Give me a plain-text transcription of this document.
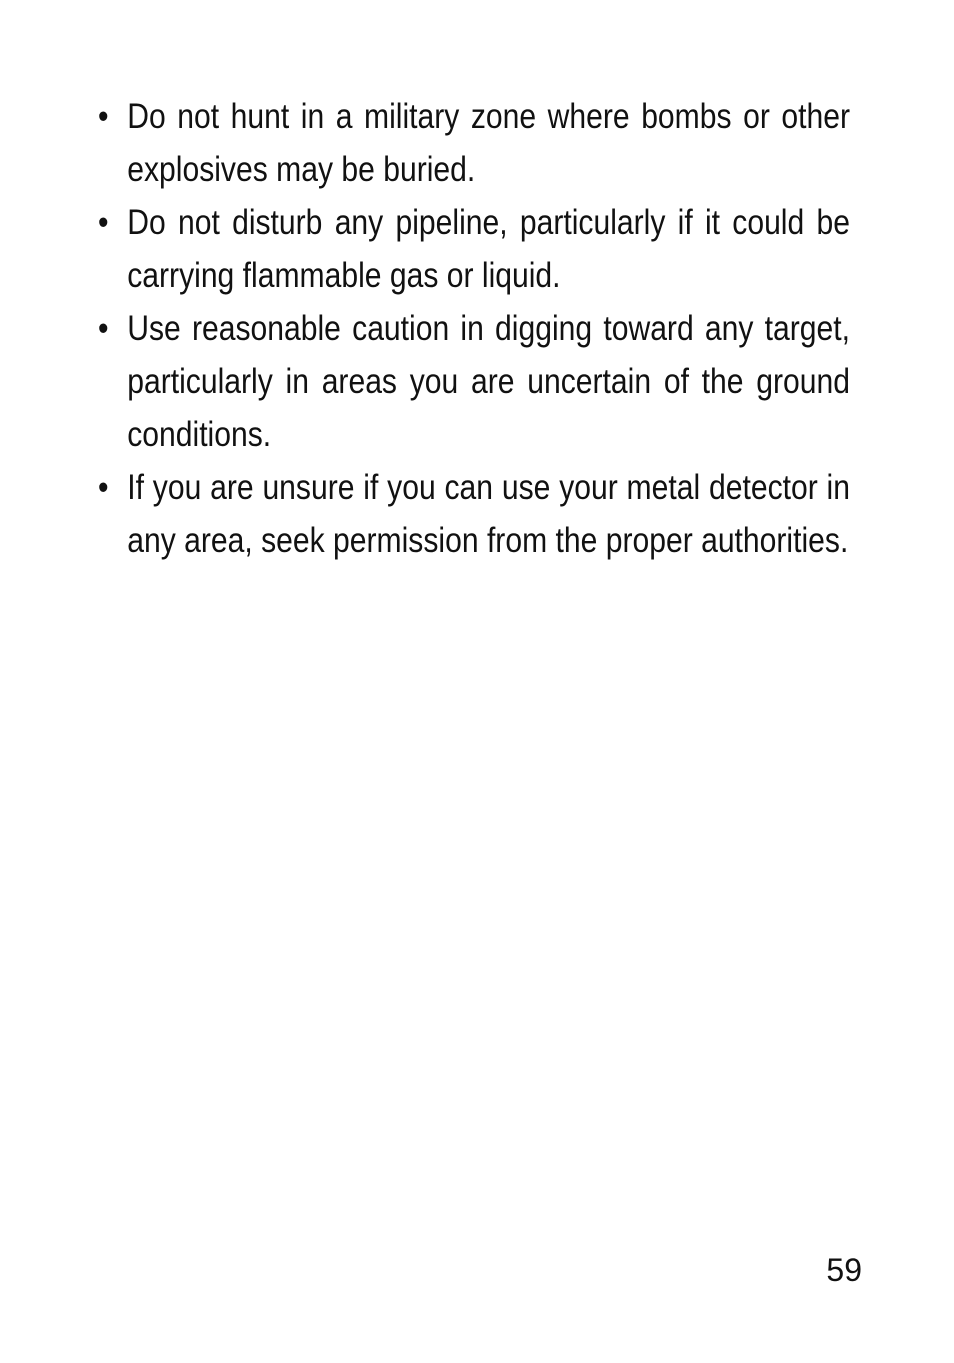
• Do not hunt in a military zone where bombs or other explosives may be buried.
• Do not disturb any pipeline, particularly if it could be carrying flammable gas or liquid.
• Use reasonable caution in digging toward any target, particularly in areas you are uncertain of the ground conditions.
• If you are unsure if you can use your metal detector in any area, seek permission from the proper authorities.
59
